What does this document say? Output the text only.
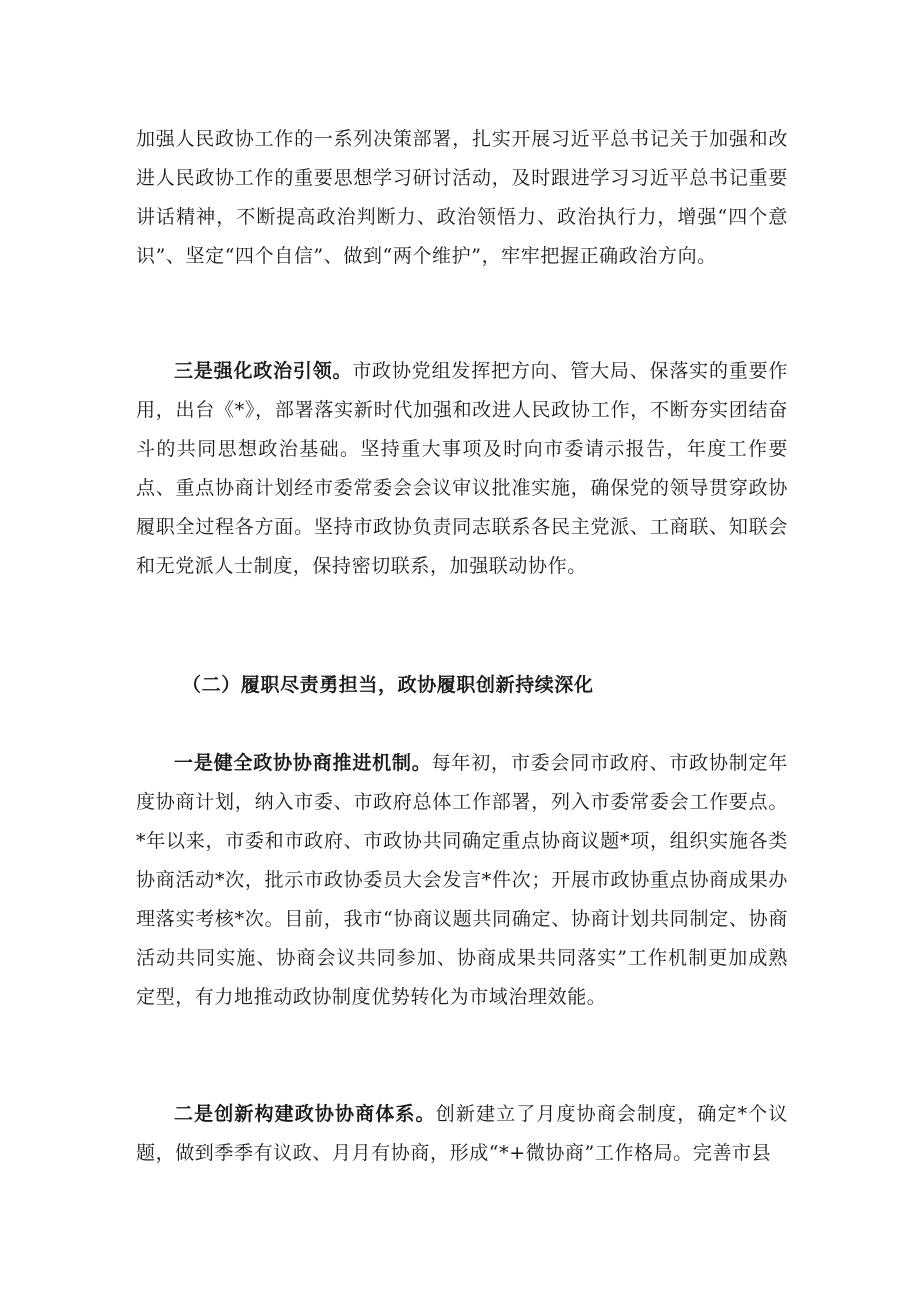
加强人民政协工作的一系列决策部署，扎实开展习近平总书记关于加强和改进人民政协工作的重要思想学习研讨活动，及时跟进学习习近平总书记重要讲话精神，不断提高政治判断力、政治领悟力、政治执行力，增强“四个意识”、坚定“四个自信”、做到“两个维护”，牢牢把握正确政治方向。

三是强化政治引领。市政协党组发挥把方向、管大局、保落实的重要作用，出台《*》，部署落实新时代加强和改进人民政协工作，不断夯实团结奋斗的共同思想政治基础。坚持重大事项及时向市委请示报告，年度工作要点、重点协商计划经市委常委会会议审议批准实施，确保党的领导贯穿政协履职全过程各方面。坚持市政协负责同志联系各民主党派、工商联、知联会和无党派人士制度，保持密切联系，加强联动协作。

（二）履职尽责勇担当，政协履职创新持续深化

一是健全政协协商推进机制。每年初，市委会同市政府、市政协制定年度协商计划，纳入市委、市政府总体工作部署，列入市委常委会工作要点。*年以来，市委和市政府、市政协共同确定重点协商议题*项，组织实施各类协商活动*次，批示市政协委员大会发言*件次；开展市政协重点协商成果办理落实考核*次。目前，我市“协商议题共同确定、协商计划共同制定、协商活动共同实施、协商会议共同参加、协商成果共同落实”工作机制更加成熟定型，有力地推动政协制度优势转化为市域治理效能。

二是创新构建政协协商体系。创新建立了月度协商会制度，确定*个议题，做到季季有议政、月月有协商，形成“*+微协商”工作格局。完善市县
